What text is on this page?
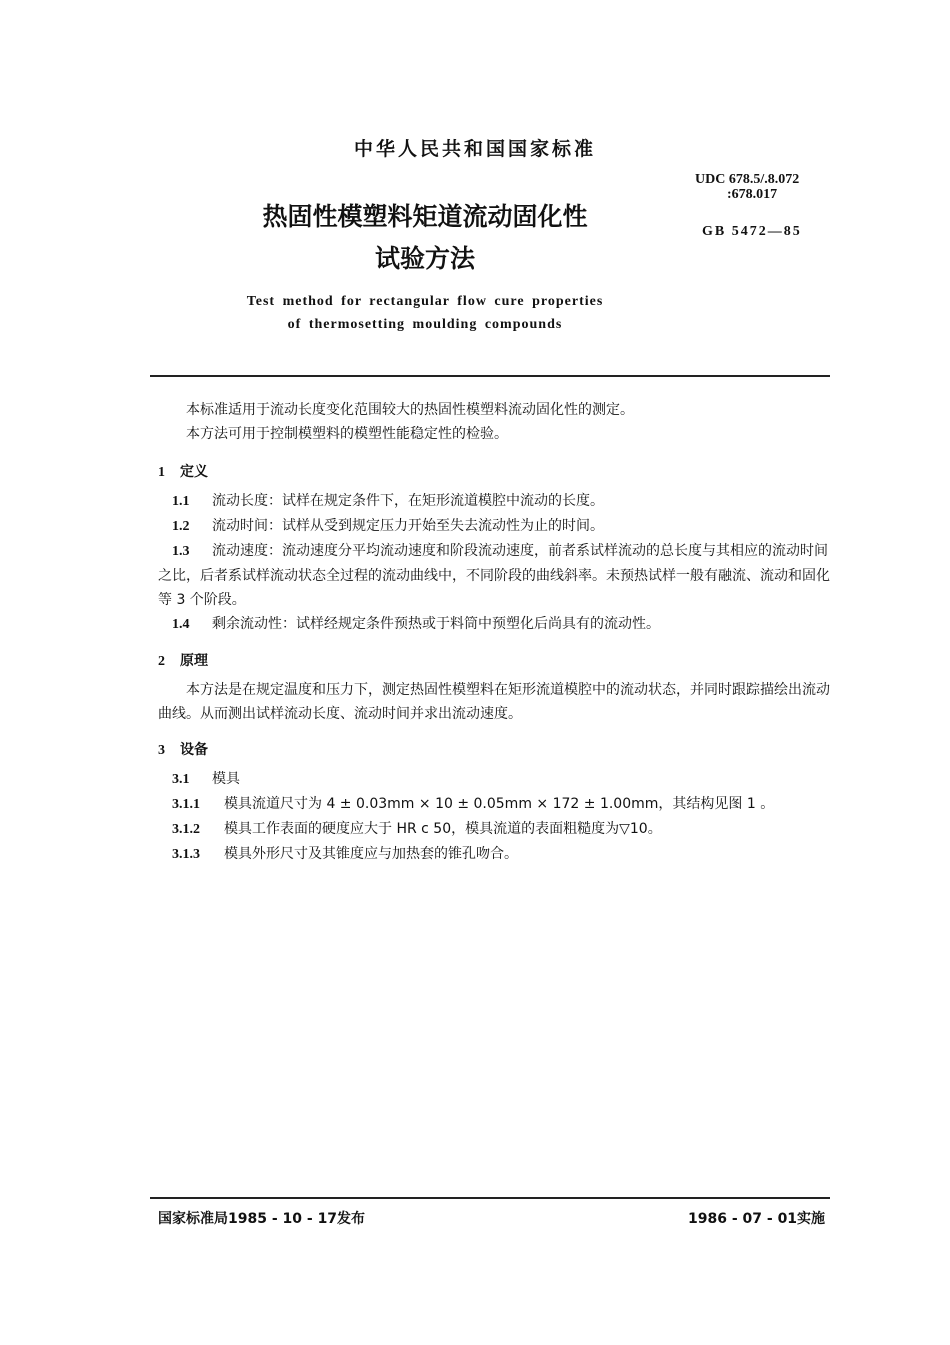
中华人民共和国国家标准
UDC 678.5/.8.072
:678.017
GB 5472—85
热固性模塑料矩道流动固化性
试验方法
Test method for rectangular flow cure properties
of thermosetting moulding compounds

本标准适用于流动长度变化范围较大的热固性模塑料流动固化性的测定。

本方法可用于控制模塑料的模塑性能稳定性的检验。

1 定义

1.1 流动长度：试样在规定条件下，在矩形流道模腔中流动的长度。

1.2 流动时间：试样从受到规定压力开始至失去流动性为止的时间。

1.3 流动速度：流动速度分平均流动速度和阶段流动速度，前者系试样流动的总长度与其相应的流动时间之比，后者系试样流动状态全过程的流动曲线中，不同阶段的曲线斜率。未预热试样一般有融流、流动和固化等 3 个阶段。

1.4 剩余流动性：试样经规定条件预热或于料筒中预塑化后尚具有的流动性。

2 原理

本方法是在规定温度和压力下，测定热固性模塑料在矩形流道模腔中的流动状态，并同时跟踪描绘出流动曲线。从而测出试样流动长度、流动时间并求出流动速度。

3 设备

3.1 模具

3.1.1 模具流道尺寸为 4 ± 0.03mm × 10 ± 0.05mm × 172 ± 1.00mm，其结构见图 1 。

3.1.2 模具工作表面的硬度应大于 HR c 50，模具流道的表面粗糙度为▽10。

3.1.3 模具外形尺寸及其锥度应与加热套的锥孔吻合。

国家标准局1985 - 10 - 17发布	1986 - 07 - 01实施
